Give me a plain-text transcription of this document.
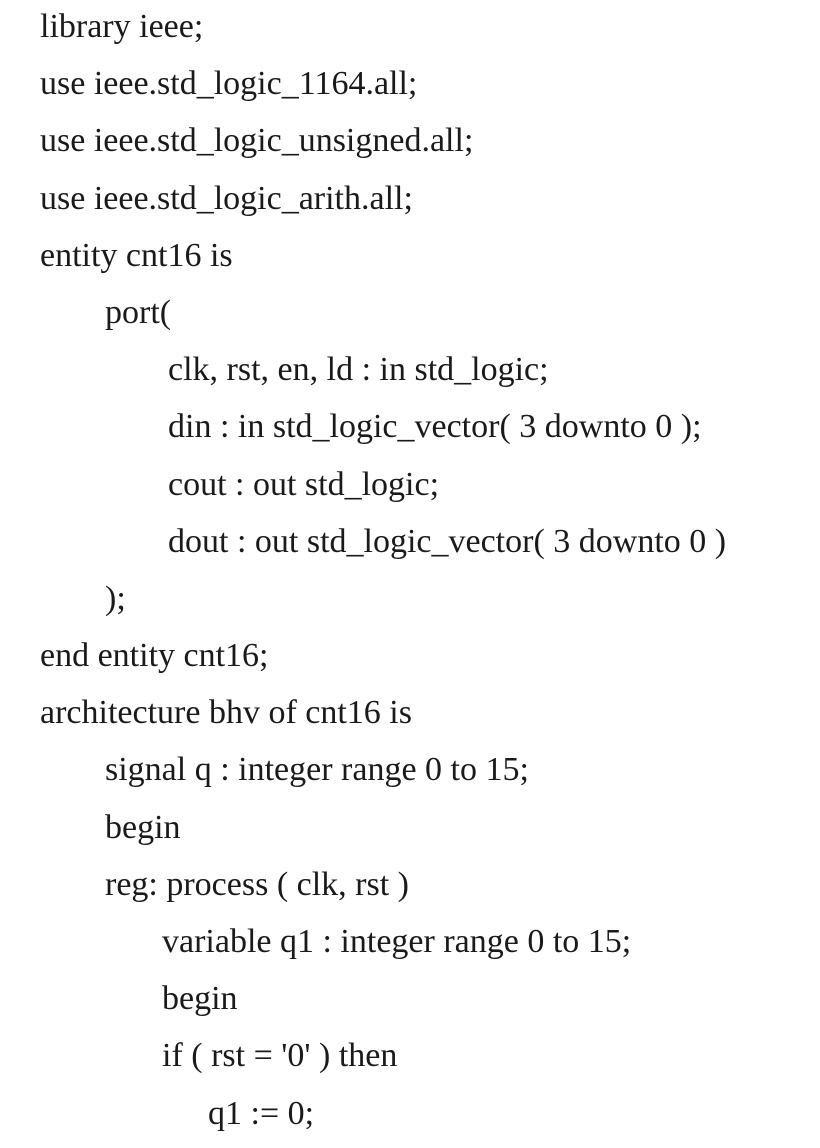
library ieee;
use ieee.std_logic_1164.all;
use ieee.std_logic_unsigned.all;
use ieee.std_logic_arith.all;
entity cnt16 is
port(
clk, rst, en, ld : in std_logic;
din : in std_logic_vector( 3 downto 0 );
cout : out std_logic;
dout : out std_logic_vector( 3 downto 0 )
);
end entity cnt16;
architecture bhv of cnt16 is
signal q : integer range 0 to 15;
begin
reg: process ( clk, rst )
variable q1 : integer range 0 to 15;
begin
if ( rst = '0' ) then
q1 := 0;
